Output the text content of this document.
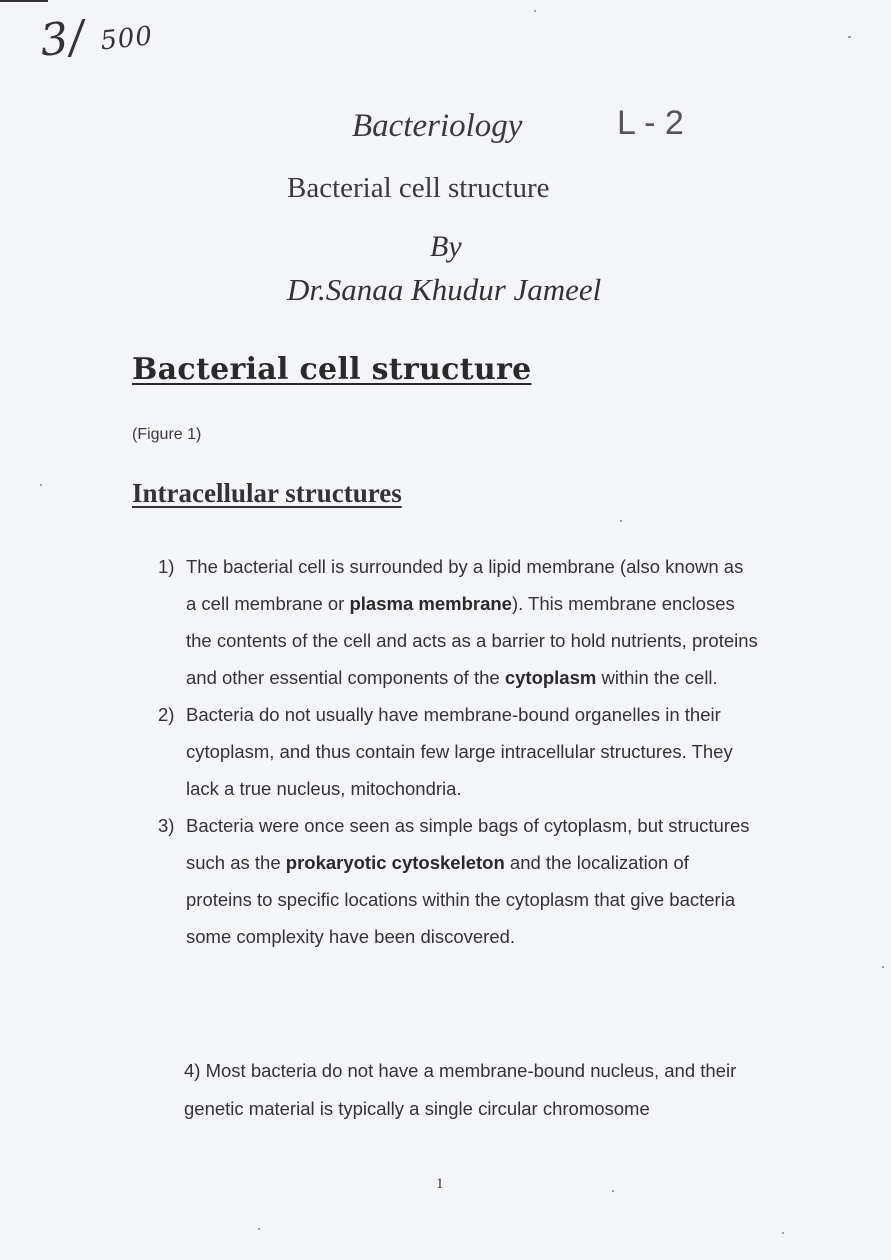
3/ 500
L - 2
Bacteriology
Bacterial cell structure
By
Dr.Sanaa Khudur Jameel
Bacterial cell structure
(Figure 1)
Intracellular structures
1) The bacterial cell is surrounded by a lipid membrane (also known as a cell membrane or plasma membrane). This membrane encloses the contents of the cell and acts as a barrier to hold nutrients, proteins and other essential components of the cytoplasm within the cell.
2) Bacteria do not usually have membrane-bound organelles in their cytoplasm, and thus contain few large intracellular structures. They lack a true nucleus, mitochondria.
3) Bacteria were once seen as simple bags of cytoplasm, but structures such as the prokaryotic cytoskeleton and the localization of proteins to specific locations within the cytoplasm that give bacteria some complexity have been discovered.
4) Most bacteria do not have a membrane-bound nucleus, and their genetic material is typically a single circular chromosome
1
